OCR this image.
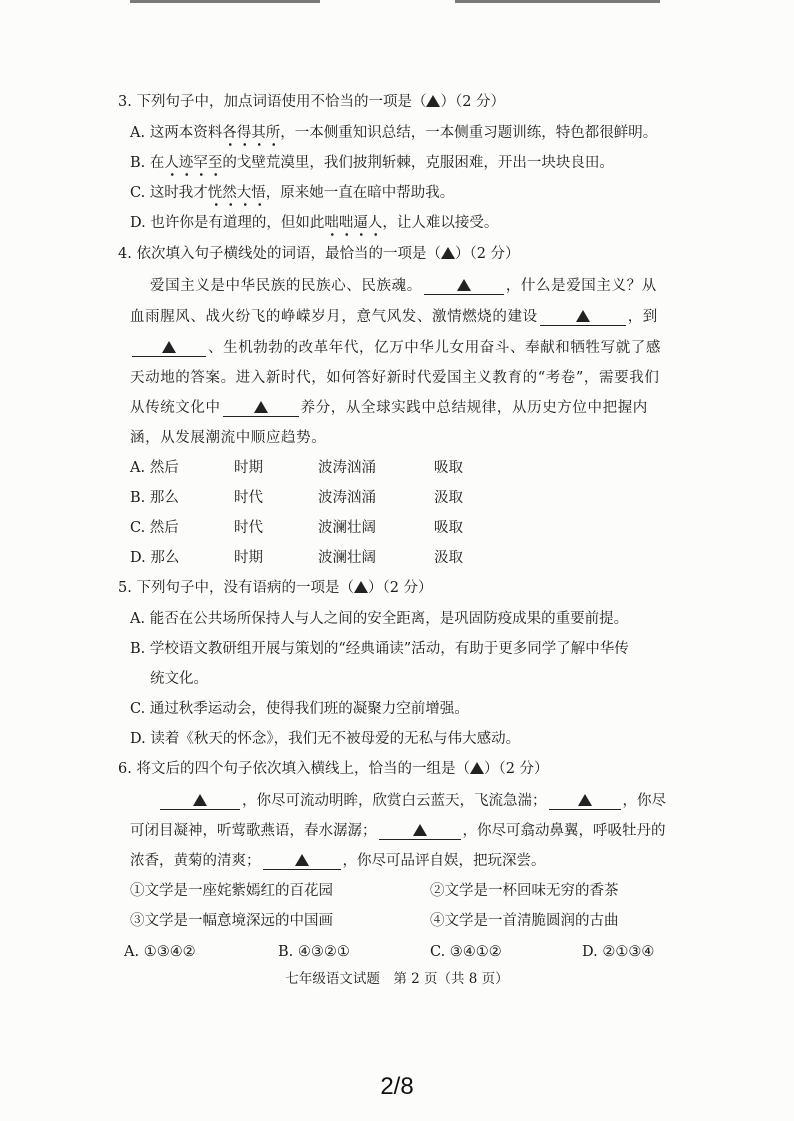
3. 下列句子中，加点词语使用不恰当的一项是（ ）（2 分）
A. 这两本资料各得其所，一本侧重知识总结，一本侧重习题训练，特色都很鲜明。
B. 在人迹罕至的戈壁荒漠里，我们披荆斩棘，克服困难，开出一块块良田。
C. 这时我才恍然大悟，原来她一直在暗中帮助我。
D. 也许你是有道理的，但如此咄咄逼人，让人难以接受。
4. 依次填入句子横线处的词语，最恰当的一项是（ ）（2 分）
爱国主义是中华民族的民族心、民族魂。	，什么是爱国主义？从
血雨腥风、战火纷飞的峥嵘岁月，意气风发、激情燃烧的建设	，到
、生机勃勃的改革年代，亿万中华儿女用奋斗、奉献和牺牲写就了感
天动地的答案。进入新时代，如何答好新时代爱国主义教育的“考卷”，需要我们
从传统文化中	养分，从全球实践中总结规律，从历史方位中把握内
涵，从发展潮流中顺应趋势。
A. 然后	时期	波涛汹涌	吸取
B. 那么	时代	波涛汹涌	汲取
C. 然后	时代	波澜壮阔	吸取
D. 那么	时期	波澜壮阔	汲取
5. 下列句子中，没有语病的一项是（ ）（2 分）
A. 能否在公共场所保持人与人之间的安全距离，是巩固防疫成果的重要前提。
B. 学校语文教研组开展与策划的“经典诵读”活动，有助于更多同学了解中华传
统文化。
C. 通过秋季运动会，使得我们班的凝聚力空前增强。
D. 读着《秋天的怀念》，我们无不被母爱的无私与伟大感动。
6. 将文后的四个句子依次填入横线上，恰当的一组是（ ）（2 分）
，你尽可流动明眸，欣赏白云蓝天，飞流急湍；	，你尽
可闭目凝神，听莺歌燕语，春水潺潺；	，你尽可翕动鼻翼，呼吸牡丹的
浓香，黄菊的清爽；	，你尽可品评自娱，把玩深尝。
①文学是一座姹紫嫣红的百花园	②文学是一杯回味无穷的香茶
③文学是一幅意境深远的中国画	④文学是一首清脆圆润的古曲
A. ①③④②	B. ④③②①	C. ③④①②	D. ②①③④
七年级语文试题　第 2 页（共 8 页）
2/8
